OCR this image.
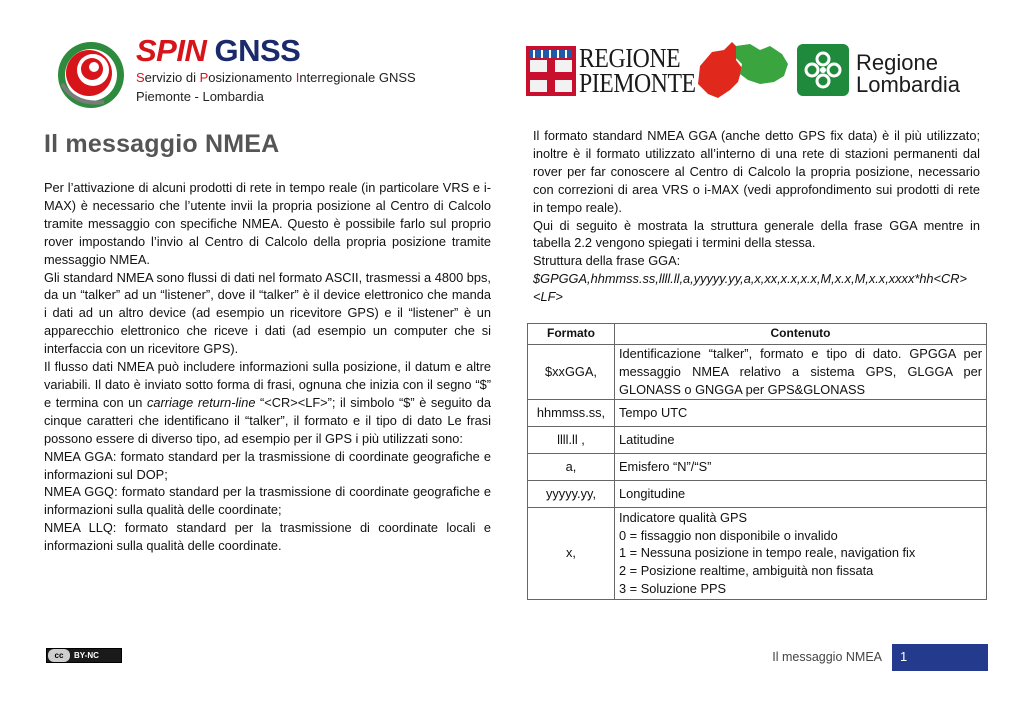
SPIN GNSS
Servizio di Posizionamento Interregionale GNSS
Piemonte - Lombardia
REGIONE
PIEMONTE
Regione
Lombardia
Il messaggio NMEA

Per l’attivazione di alcuni prodotti di rete in tempo reale (in particolare VRS e i-MAX) è necessario che l’utente invii la propria posizione al Centro di Calcolo tramite messaggio con specifiche NMEA. Questo è possibile farlo sul proprio rover impostando l’invio al Centro di Calcolo della propria posizione tramite messaggio NMEA.

Gli standard NMEA sono flussi di dati nel formato ASCII, trasmessi a 4800 bps, da un “talker” ad un “listener”, dove il “talker” è il device elettronico che manda i dati ad un altro device (ad esempio un ricevitore GPS) e il “listener” è un apparecchio elettronico che riceve i dati (ad esempio un computer che si interfaccia con un ricevitore GPS).

Il flusso dati NMEA può includere informazioni sulla posizione, il datum e altre variabili. Il dato è inviato sotto forma di frasi, ognuna che inizia con il segno “$” e termina con un carriage return-line “<CR><LF>”; il simbolo “$” è seguito da cinque caratteri che identificano il “talker”, il formato e il tipo di dato Le frasi possono essere di diverso tipo, ad esempio per il GPS i più utilizzati sono:

NMEA GGA: formato standard per la trasmissione di coordinate geografiche e informazioni sul DOP;

NMEA GGQ: formato standard per la trasmissione di coordinate geografiche e informazioni sulla qualità delle coordinate;

NMEA LLQ: formato standard per la trasmissione di coordinate locali e informazioni sulla qualità delle coordinate.

Il formato standard NMEA GGA (anche detto GPS fix data) è il più utilizzato; inoltre è il formato utilizzato all’interno di una rete di stazioni permanenti dal rover per far conoscere al Centro di Calcolo la propria posizione, necessario con correzioni di area VRS o i-MAX (vedi approfondimento sui prodotti di rete in tempo reale).

Qui di seguito è mostrata la struttura generale della frase GGA mentre in tabella 2.2 vengono spiegati i termini della stessa.

Struttura della frase GGA:

$GPGGA,hhmmss.ss,llll.ll,a,yyyyy.yy,a,x,xx,x.x,x.x,M,x.x,M,x.x,xxxx*hh<CR> <LF>

Formato	Contenuto
$xxGGA,	Identificazione “talker”, formato e tipo di dato. GPGGA per messaggio NMEA relativo a sistema GPS, GLGGA per GLONASS o GNGGA per GPS&GLONASS
hhmmss.ss,	Tempo UTC
llll.ll ,	Latitudine
a,	Emisfero “N”/“S”
yyyyy.yy,	Longitudine
x,	Indicatore qualità GPS
0 = fissaggio non disponibile o invalido
1 = Nessuna posizione in tempo reale, navigation fix
2 = Posizione realtime, ambiguità non fissata
3 = Soluzione PPS
cc	BY-NC	Il messaggio NMEA	1
